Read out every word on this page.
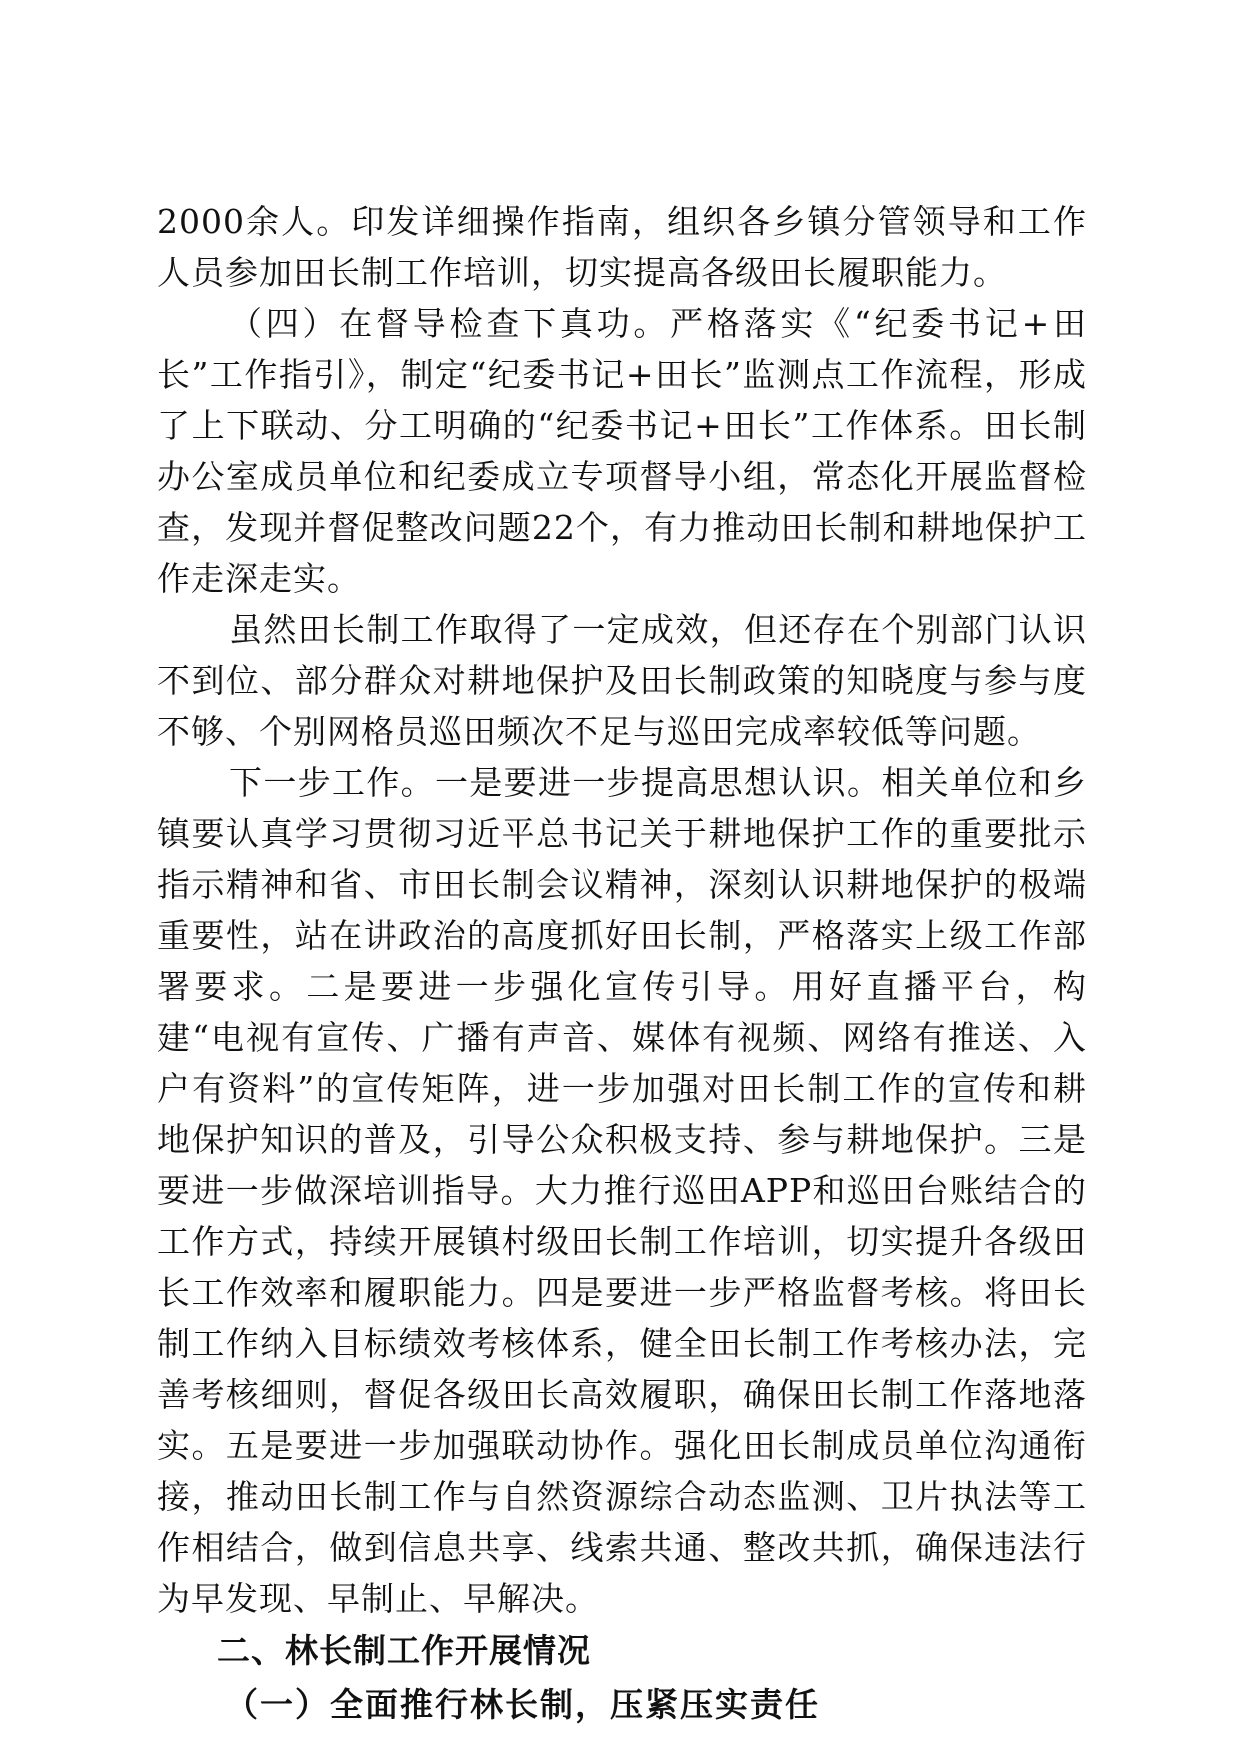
2000余人。印发详细操作指南，组织各乡镇分管领导和工作人员参加田长制工作培训，切实提高各级田长履职能力。

（四）在督导检查下真功。严格落实《“纪委书记+田长”工作指引》，制定“纪委书记+田长”监测点工作流程，形成了上下联动、分工明确的“纪委书记+田长”工作体系。田长制办公室成员单位和纪委成立专项督导小组，常态化开展监督检查，发现并督促整改问题22个，有力推动田长制和耕地保护工作走深走实。

虽然田长制工作取得了一定成效，但还存在个别部门认识不到位、部分群众对耕地保护及田长制政策的知晓度与参与度不够、个别网格员巡田频次不足与巡田完成率较低等问题。

下一步工作。一是要进一步提高思想认识。相关单位和乡镇要认真学习贯彻习近平总书记关于耕地保护工作的重要批示指示精神和省、市田长制会议精神，深刻认识耕地保护的极端重要性，站在讲政治的高度抓好田长制，严格落实上级工作部署要求。二是要进一步强化宣传引导。用好直播平台，构建“电视有宣传、广播有声音、媒体有视频、网络有推送、入户有资料”的宣传矩阵，进一步加强对田长制工作的宣传和耕地保护知识的普及，引导公众积极支持、参与耕地保护。三是要进一步做深培训指导。大力推行巡田APP和巡田台账结合的工作方式，持续开展镇村级田长制工作培训，切实提升各级田长工作效率和履职能力。四是要进一步严格监督考核。将田长制工作纳入目标绩效考核体系，健全田长制工作考核办法，完善考核细则，督促各级田长高效履职，确保田长制工作落地落实。五是要进一步加强联动协作。强化田长制成员单位沟通衔接，推动田长制工作与自然资源综合动态监测、卫片执法等工作相结合，做到信息共享、线索共通、整改共抓，确保违法行为早发现、早制止、早解决。

二、林长制工作开展情况
（一）全面推行林长制，压紧压实责任
